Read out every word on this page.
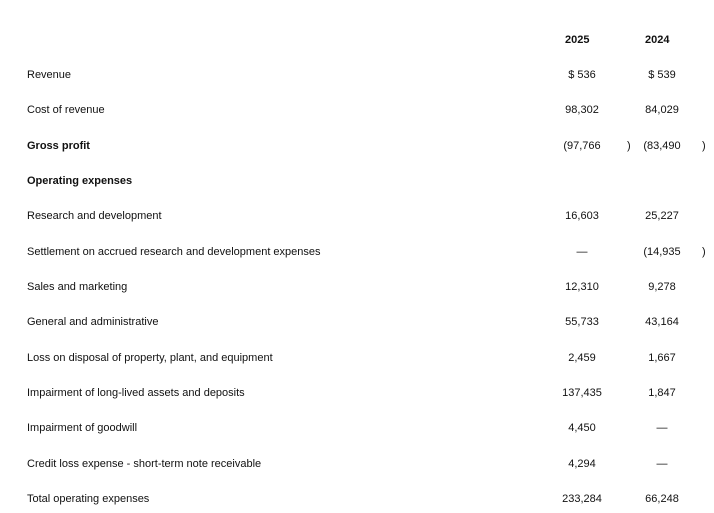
2025	2024
Revenue	$ 536	$ 539
Cost of revenue	98,302	84,029
Gross profit	(97,766	)	(83,490	)
Operating expenses
Research and development	16,603	25,227
Settlement on accrued research and development expenses	—	(14,935	)
Sales and marketing	12,310	9,278
General and administrative	55,733	43,164
Loss on disposal of property, plant, and equipment	2,459	1,667
Impairment of long-lived assets and deposits	137,435	1,847
Impairment of goodwill	4,450	—
Credit loss expense - short-term note receivable	4,294	—
Total operating expenses	233,284	66,248
